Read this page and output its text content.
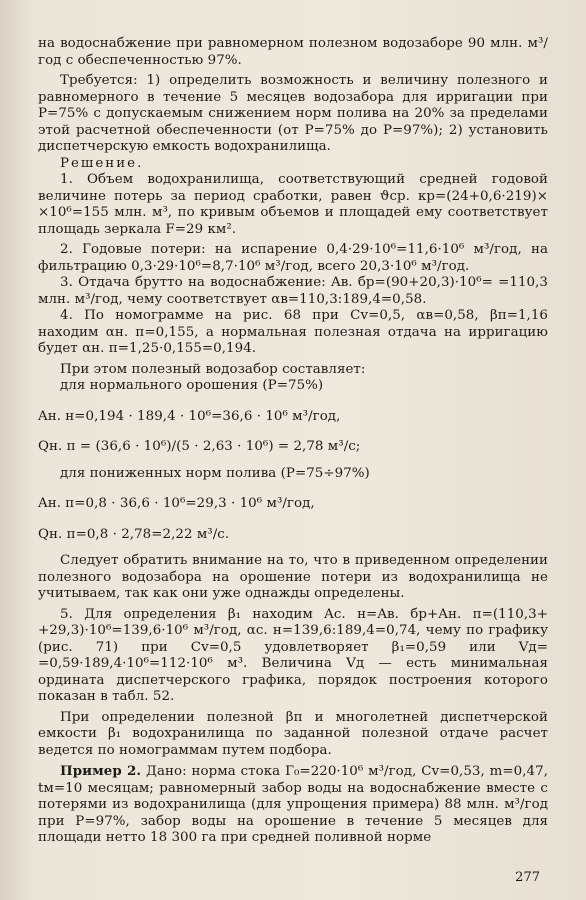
на водоснабжение при равномерном полезном водозаборе 90 млн. м³/год с обеспеченностью 97%.

Требуется: 1) определить возможность и величину полезного и равномерного в течение 5 месяцев водозабора для ирригации при P=75% с допускаемым снижением норм полива на 20% за пределами этой расчетной обеспеченности (от P=75% до P=97%); 2) установить диспетчерскую емкость водохранилища.

Решение.

1. Объем водохранилища, соответствующий средней годовой величине потерь за период сработки, равен ϑср. кр=(24+0,6·219)× ×10⁶=155 млн. м³, по кривым объемов и площадей ему соответствует площадь зеркала F=29 км².

2. Годовые потери: на испарение 0,4·29·10⁶=11,6·10⁶ м³/год, на фильтрацию 0,3·29·10⁶=8,7·10⁶ м³/год, всего 20,3·10⁶ м³/год.

3. Отдача брутто на водоснабжение: Aв. бр=(90+20,3)·10⁶= =110,3 млн. м³/год, чему соответствует αв=110,3:189,4=0,58.

4. По номограмме на рис. 68 при Cv=0,5, αв=0,58, βп=1,16 находим αн. п=0,155, а нормальная полезная отдача на ирригацию будет αн. п=1,25·0,155=0,194.

При этом полезный водозабор составляет:

для нормального орошения (P=75%)

Aн. н=0,194 · 189,4 · 10⁶=36,6 · 10⁶ м³/год,

Qн. п = (36,6 · 10⁶)/(5 · 2,63 · 10⁶) = 2,78 м³/с;

для пониженных норм полива (P=75÷97%)

Aн. п=0,8 · 36,6 · 10⁶=29,3 · 10⁶ м³/год,

Qн. п=0,8 · 2,78=2,22 м³/с.

Следует обратить внимание на то, что в приведенном определении полезного водозабора на орошение потери из водохранилища не учитываем, так как они уже однажды определены.

5. Для определения β₁ находим Aс. н=Aв. бр+Aн. п=(110,3+ +29,3)·10⁶=139,6·10⁶ м³/год, αс. н=139,6:189,4=0,74, чему по графику (рис. 71) при Cv=0,5 удовлетворяет β₁=0,59 или Vд= =0,59·189,4·10⁶=112·10⁶ м³. Величина Vд — есть минимальная ордината диспетчерского графика, порядок построения которого показан в табл. 52.

При определении полезной βп и многолетней диспетчерской емкости β₁ водохранилища по заданной полезной отдаче расчет ведется по номограммам путем подбора.

Пример 2. Дано: норма стока Г₀=220·10⁶ м³/год, Cv=0,53, m=0,47, tм=10 месяцам; равномерный забор воды на водоснабжение вместе с потерями из водохранилища (для упрощения примера) 88 млн. м³/год при P=97%, забор воды на орошение в течение 5 месяцев для площади нетто 18 300 га при средней поливной норме

277
